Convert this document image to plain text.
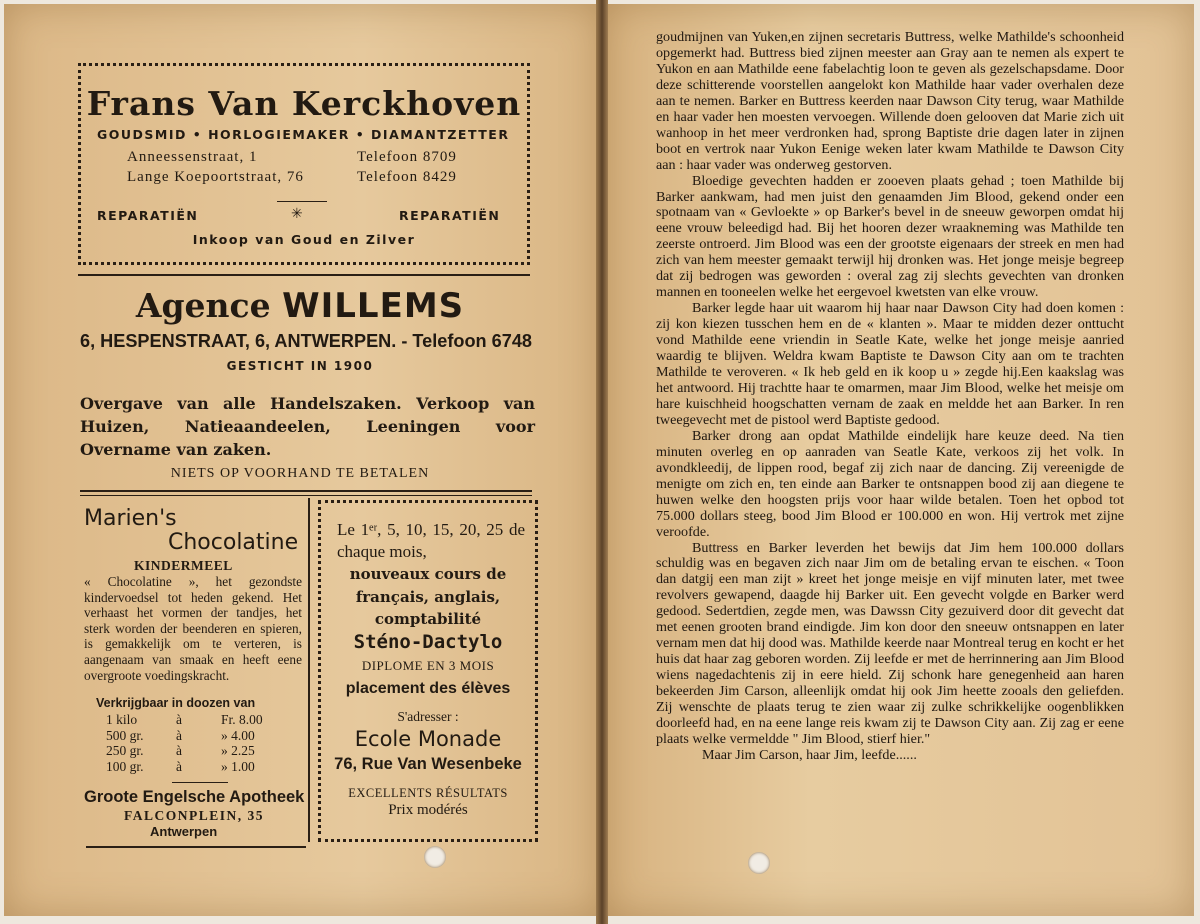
Frans Van Kerckhoven
GOUDSMID • HORLOGIEMAKER • DIAMANTZETTER
Anneessenstraat, 1	Telefoon 8709
Lange Koepoortstraat, 76	Telefoon 8429
REPARATIËN	✳	REPARATIËN
Inkoop van Goud en Zilver
Agence WILLEMS
6, HESPENSTRAAT, 6, ANTWERPEN. - Telefoon 6748
GESTICHT IN 1900
Overgave van alle Handelszaken. Verkoop van Huizen, Natieaandeelen, Leeningen voor Overname van zaken.
NIETS OP VOORHAND TE BETALEN
Marien's
Chocolatine
KINDERMEEL
« Chocolatine », het gezondste kindervoedsel tot heden gekend. Het verhaast het vormen der tandjes, het sterk worden der beenderen en spieren, is gemakkelijk om te verteren, is aangenaam van smaak en heeft eene overgroote voedingskracht.
Verkrijgbaar in doozen van
1 kilo	à	Fr. 8.00
500 gr.	à	» 4.00
250 gr.	à	» 2.25
100 gr.	à	» 1.00
Groote Engelsche Apotheek
FALCONPLEIN, 35
Antwerpen
Le 1ᵉʳ, 5, 10, 15, 20, 25 de chaque mois,
nouveaux cours de français, anglais, comptabilité
Sténo-Dactylo
DIPLOME EN 3 MOIS
placement des élèves
S'adresser :
Ecole Monade
76, Rue Van Wesenbeke
EXCELLENTS RÉSULTATS
Prix modérés

goudmijnen van Yuken,en zijnen secretaris Buttress, welke Mathilde's schoonheid opgemerkt had. Buttress bied zijnen meester aan Gray aan te nemen als expert te Yukon en aan Mathilde eene fabelachtig loon te geven als gezelschapsdame. Door deze schitterende voorstellen aangelokt kon Mathilde haar vader overhalen deze aan te nemen. Barker en Buttress keerden naar Dawson City terug, waar Mathilde en haar vader hen moesten vervoegen. Willende doen gelooven dat Marie zich uit wanhoop in het meer verdronken had, sprong Baptiste drie dagen later in zijnen boot en vertrok naar Yukon Eenige weken later kwam Mathilde te Dawson City aan : haar vader was onderweg gestorven.

Bloedige gevechten hadden er zooeven plaats gehad ; toen Mathilde bij Barker aankwam, had men juist den genaamden Jim Blood, gekend onder een spotnaam van « Gevloekte » op Barker's bevel in de sneeuw geworpen omdat hij eene vrouw beleedigd had. Bij het hooren dezer wraakneming was Mathilde ten zeerste ontroerd. Jim Blood was een der grootste eigenaars der streek en men had zich van hem meester gemaakt terwijl hij dronken was. Het jonge meisje begreep dat zij bedrogen was geworden : overal zag zij slechts gevechten van dronken mannen en tooneelen welke het eergevoel kwetsten van elke vrouw.

Barker legde haar uit waarom hij haar naar Dawson City had doen komen : zij kon kiezen tusschen hem en de « klanten ». Maar te midden dezer onttucht vond Mathilde eene vriendin in Seatle Kate, welke het jonge meisje aanried waardig te blijven. Weldra kwam Baptiste te Dawson City aan om te trachten Mathilde te veroveren. « Ik heb geld en ik koop u » zegde hij.Een kaakslag was het antwoord. Hij trachtte haar te omarmen, maar Jim Blood, welke het meisje om hare kuischheid hoogschatten vernam de zaak en meldde het aan Barker. In ren tweegevecht met de pistool werd Baptiste gedood.

Barker drong aan opdat Mathilde eindelijk hare keuze deed. Na tien minuten overleg en op aanraden van Seatle Kate, verkoos zij het volk. In avondkleedij, de lippen rood, begaf zij zich naar de dancing. Zij vereenigde de menigte om zich en, ten einde aan Barker te ontsnappen bood zij aan diegene te huwen welke den hoogsten prijs voor haar wilde betalen. Toen het opbod tot 75.000 dollars steeg, bood Jim Blood er 100.000 en won. Hij vertrok met zijne veroofde.

Buttress en Barker leverden het bewijs dat Jim hem 100.000 dollars schuldig was en begaven zich naar Jim om de betaling ervan te eischen. « Toon dan datgij een man zijt » kreet het jonge meisje en vijf minuten later, met twee revolvers gewapend, daagde hij Barker uit. Een gevecht volgde en Barker werd gedood. Sedertdien, zegde men, was Dawssn City gezuiverd door dit gevecht dat met eenen grooten brand eindigde. Jim kon door den sneeuw ontsnappen en later vernam men dat hij dood was. Mathilde keerde naar Montreal terug en kocht er het huis dat haar zag geboren worden. Zij leefde er met de herrinnering aan Jim Blood wiens nagedachtenis zij in eere hield. Zij schonk hare genegenheid aan haren bekeerden Jim Carson, alleenlijk omdat hij ook Jim heette zooals den geliefden. Zij wenschte de plaats terug te zien waar zij zulke schrikkelijke oogenblikken doorleefd had, en na eene lange reis kwam zij te Dawson City aan. Zij zag er eene plaats welke vermeldde " Jim Blood, stierf hier."

Maar Jim Carson, haar Jim, leefde......
